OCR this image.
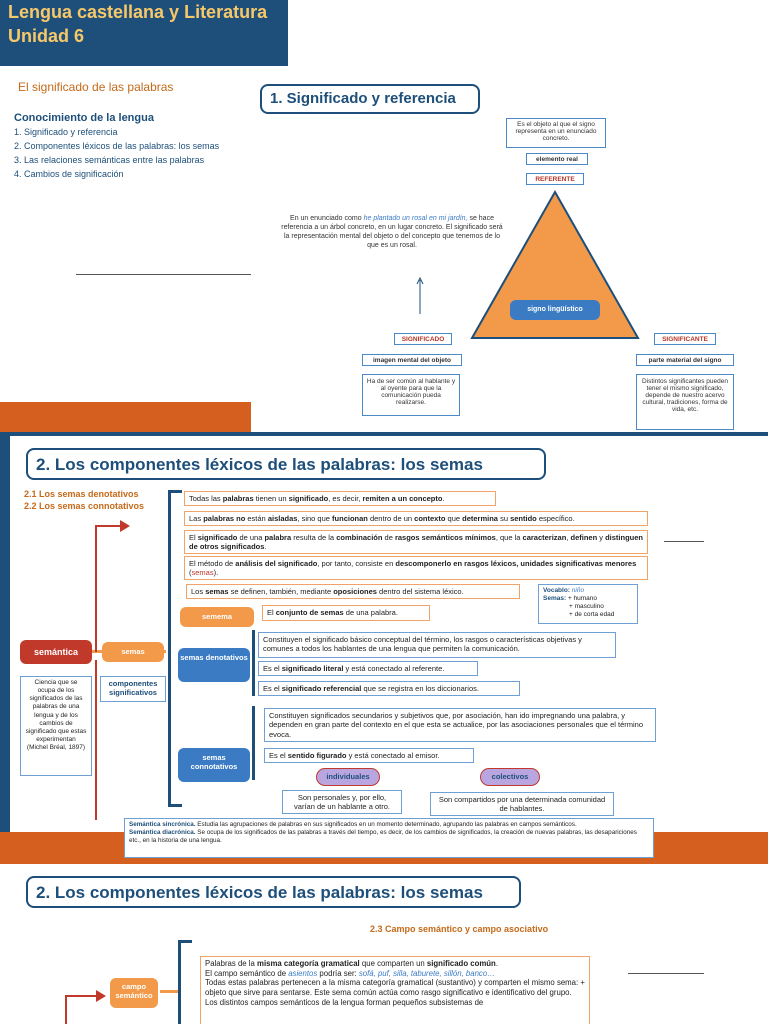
Lengua castellana y Literatura
Unidad 6
El significado de las palabras
Conocimiento de la lengua
1. Significado y referencia
2. Componentes léxicos de las palabras: los semas
3. Las relaciones semánticas entre las palabras
4. Cambios de significación
1. Significado y referencia
Es el objeto al que el signo representa en un enunciado concreto.
elemento real
REFERENTE
signo lingüístico
En un enunciado como he plantado un rosal en mi jardín, se hace referencia a un árbol concreto, en un lugar concreto. El significado será la representación mental del objeto o del concepto que tenemos de lo que es un rosal.
SIGNIFICADO	SIGNIFICANTE
imagen mental del objeto	parte material del signo
Ha de ser común al hablante y al oyente para que la comunicación pueda realizarse.
Distintos significantes pueden tener el mismo significado, depende de nuestro acervo cultural, tradiciones, forma de vida, etc.
2. Los componentes léxicos de las palabras: los semas
2.1 Los semas denotativos
2.2 Los semas connotativos
Todas las palabras tienen un significado, es decir, remiten a un concepto.
Las palabras no están aisladas, sino que funcionan dentro de un contexto que determina su sentido específico.
El significado de una palabra resulta de la combinación de rasgos semánticos mínimos, que la caracterizan, definen y distinguen de otros significados.
El método de análisis del significado, por tanto, consiste en descomponerlo en rasgos léxicos, unidades significativas menores (semas).
Los semas se definen, también, mediante oposiciones dentro del sistema léxico.	Vocablo: niño
Semas: + humano
+ masculino
+ de corta edad
semema	El conjunto de semas de una palabra.
semántica
Ciencia que se ocupa de los significados de las palabras de una lengua y de los cambios de significado que estas experimentan (Michel Bréal, 1897)
semas
componentes significativos
semas denotativos
Constituyen el significado básico conceptual del término, los rasgos o características objetivas y comunes a todos los hablantes de una lengua que permiten la comunicación.
Es el significado literal y está conectado al referente.
Es el significado referencial que se registra en los diccionarios.
semas connotativos
Constituyen significados secundarios y subjetivos que, por asociación, han ido impregnando una palabra, y dependen en gran parte del contexto en el que esta se actualice, por las asociaciones personales que el término evoca.
Es el sentido figurado y está conectado al emisor.
individuales	colectivos
Son personales y, por ello, varían de un hablante a otro.
Son compartidos por una determinada comunidad de hablantes.
Semántica sincrónica. Estudia las agrupaciones de palabras en sus significados en un momento determinado, agrupando las palabras en campos semánticos.
Semántica diacrónica. Se ocupa de los significados de las palabras a través del tiempo, es decir, de los cambios de significados, la creación de nuevas palabras, las desapariciones etc., en la historia de una lengua.
2. Los componentes léxicos de las palabras: los semas
2.3 Campo semántico y campo asociativo
campo semántico
Palabras de la misma categoría gramatical que comparten un significado común.
El campo semántico de asientos podría ser: sofá, puf, silla, taburete, sillón, banco…
Todas estas palabras pertenecen a la misma categoría gramatical (sustantivo) y comparten el mismo sema: + objeto que sirve para sentarse. Este sema común actúa como rasgo significativo e identificativo del grupo.
Los distintos campos semánticos de la lengua forman pequeños subsistemas de
